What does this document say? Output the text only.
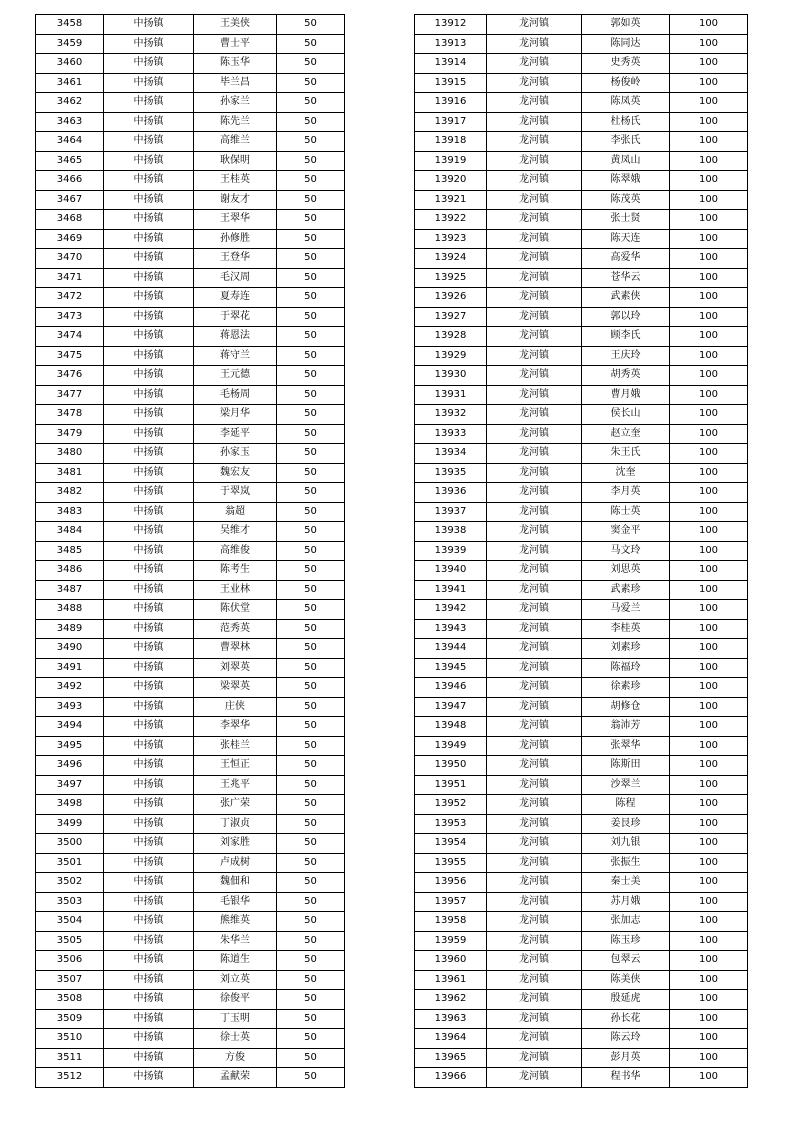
3458	中扬镇	王美侠	50
3459	中扬镇	曹士平	50
3460	中扬镇	陈玉华	50
3461	中扬镇	毕兰昌	50
3462	中扬镇	孙家兰	50
3463	中扬镇	陈先兰	50
3464	中扬镇	高维兰	50
3465	中扬镇	耿保明	50
3466	中扬镇	王桂英	50
3467	中扬镇	谢友才	50
3468	中扬镇	王翠华	50
3469	中扬镇	孙修胜	50
3470	中扬镇	王登华	50
3471	中扬镇	毛汉周	50
3472	中扬镇	夏寿连	50
3473	中扬镇	于翠花	50
3474	中扬镇	蒋恩法	50
3475	中扬镇	蒋守兰	50
3476	中扬镇	王元德	50
3477	中扬镇	毛杨周	50
3478	中扬镇	梁月华	50
3479	中扬镇	李延平	50
3480	中扬镇	孙家玉	50
3481	中扬镇	魏宏友	50
3482	中扬镇	于翠岚	50
3483	中扬镇	翁超	50
3484	中扬镇	吴维才	50
3485	中扬镇	高维俊	50
3486	中扬镇	陈考生	50
3487	中扬镇	王业林	50
3488	中扬镇	陈伏堂	50
3489	中扬镇	范秀英	50
3490	中扬镇	曹翠林	50
3491	中扬镇	刘翠英	50
3492	中扬镇	梁翠英	50
3493	中扬镇	庄侠	50
3494	中扬镇	李翠华	50
3495	中扬镇	张桂兰	50
3496	中扬镇	王恒正	50
3497	中扬镇	王兆平	50
3498	中扬镇	张广荣	50
3499	中扬镇	丁淑贞	50
3500	中扬镇	刘家胜	50
3501	中扬镇	卢成树	50
3502	中扬镇	魏佃和	50
3503	中扬镇	毛银华	50
3504	中扬镇	熊维英	50
3505	中扬镇	朱华兰	50
3506	中扬镇	陈道生	50
3507	中扬镇	刘立英	50
3508	中扬镇	徐俊平	50
3509	中扬镇	丁玉明	50
3510	中扬镇	徐士英	50
3511	中扬镇	方俊	50
3512	中扬镇	孟献荣	50
13912	龙河镇	郭如英	100
13913	龙河镇	陈同达	100
13914	龙河镇	史秀英	100
13915	龙河镇	杨俊岭	100
13916	龙河镇	陈凤英	100
13917	龙河镇	杜杨氏	100
13918	龙河镇	李张氏	100
13919	龙河镇	黄凤山	100
13920	龙河镇	陈翠娥	100
13921	龙河镇	陈茂英	100
13922	龙河镇	张士贤	100
13923	龙河镇	陈天连	100
13924	龙河镇	高爱华	100
13925	龙河镇	苍华云	100
13926	龙河镇	武素侠	100
13927	龙河镇	郭以玲	100
13928	龙河镇	顾李氏	100
13929	龙河镇	王庆玲	100
13930	龙河镇	胡秀英	100
13931	龙河镇	曹月娥	100
13932	龙河镇	侯长山	100
13933	龙河镇	赵立奎	100
13934	龙河镇	朱王氏	100
13935	龙河镇	沈奎	100
13936	龙河镇	李月英	100
13937	龙河镇	陈士英	100
13938	龙河镇	窦金平	100
13939	龙河镇	马文玲	100
13940	龙河镇	刘思英	100
13941	龙河镇	武素珍	100
13942	龙河镇	马爱兰	100
13943	龙河镇	李桂英	100
13944	龙河镇	刘素珍	100
13945	龙河镇	陈福玲	100
13946	龙河镇	徐素珍	100
13947	龙河镇	胡修仓	100
13948	龙河镇	翁沛芳	100
13949	龙河镇	张翠华	100
13950	龙河镇	陈斯田	100
13951	龙河镇	沙翠兰	100
13952	龙河镇	陈程	100
13953	龙河镇	姜艮珍	100
13954	龙河镇	刘九银	100
13955	龙河镇	张振生	100
13956	龙河镇	秦士美	100
13957	龙河镇	苏月娥	100
13958	龙河镇	张加志	100
13959	龙河镇	陈玉珍	100
13960	龙河镇	包翠云	100
13961	龙河镇	陈美侠	100
13962	龙河镇	殷延虎	100
13963	龙河镇	孙长花	100
13964	龙河镇	陈云玲	100
13965	龙河镇	彭月英	100
13966	龙河镇	程书华	100
